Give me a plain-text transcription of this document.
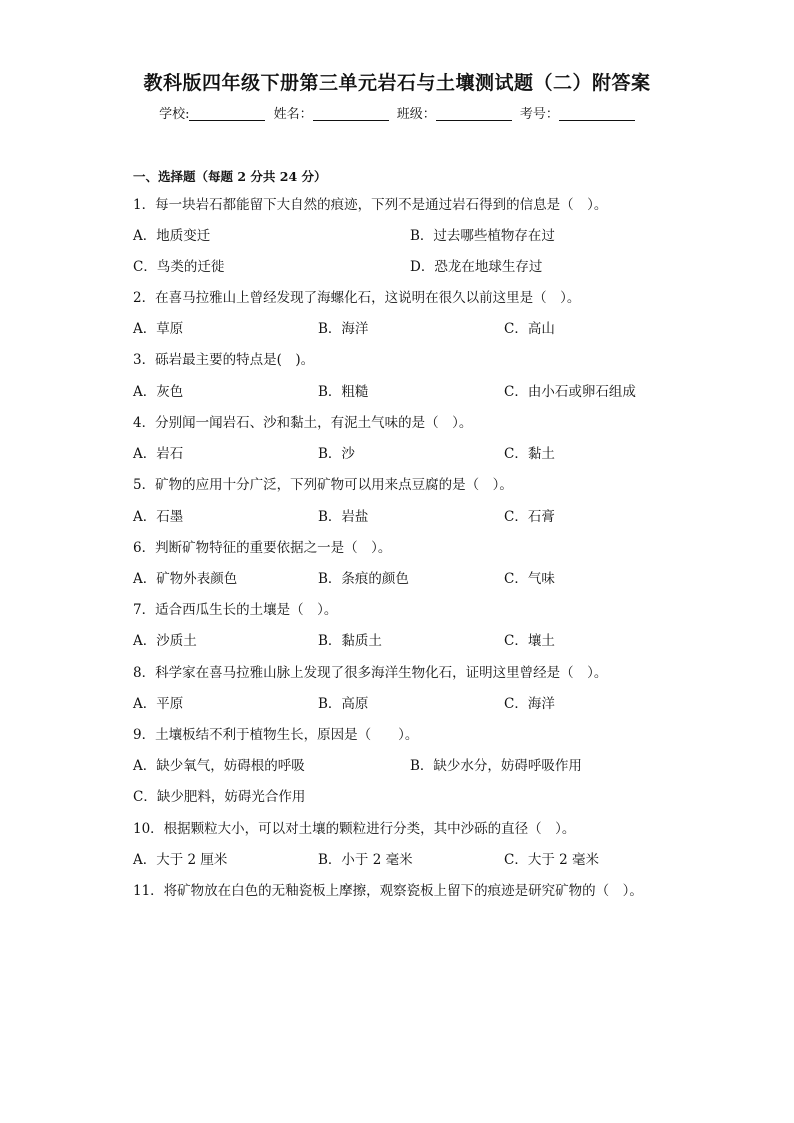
教科版四年级下册第三单元岩石与土壤测试题（二）附答案
学校:	姓名：	班级：	考号：
一、选择题（每题 2 分共 24 分）
1．每一块岩石都能留下大自然的痕迹，下列不是通过岩石得到的信息是（　）。
A．地质变迁	B．过去哪些植物存在过
C．鸟类的迁徙	D．恐龙在地球生存过
2．在喜马拉雅山上曾经发现了海螺化石，这说明在很久以前这里是（　）。
A．草原	B．海洋	C．高山
3．砾岩最主要的特点是(　)。
A．灰色	B．粗糙	C．由小石或卵石组成
4．分别闻一闻岩石、沙和黏土，有泥土气味的是（　）。
A．岩石	B．沙	C．黏土
5．矿物的应用十分广泛，下列矿物可以用来点豆腐的是（　）。
A．石墨	B．岩盐	C．石膏
6．判断矿物特征的重要依据之一是（　）。
A．矿物外表颜色	B．条痕的颜色	C．气味
7．适合西瓜生长的土壤是（　）。
A．沙质土	B．黏质土	C．壤土
8．科学家在喜马拉雅山脉上发现了很多海洋生物化石，证明这里曾经是（　）。
A．平原	B．高原	C．海洋
9．土壤板结不利于植物生长，原因是（　　）。
A．缺少氧气，妨碍根的呼吸	B．缺少水分，妨碍呼吸作用
C．缺少肥料，妨碍光合作用
10．根据颗粒大小，可以对土壤的颗粒进行分类，其中沙砾的直径（　）。
A．大于 2 厘米	B．小于 2 毫米	C．大于 2 毫米
11．将矿物放在白色的无釉瓷板上摩擦，观察瓷板上留下的痕迹是研究矿物的（　）。
